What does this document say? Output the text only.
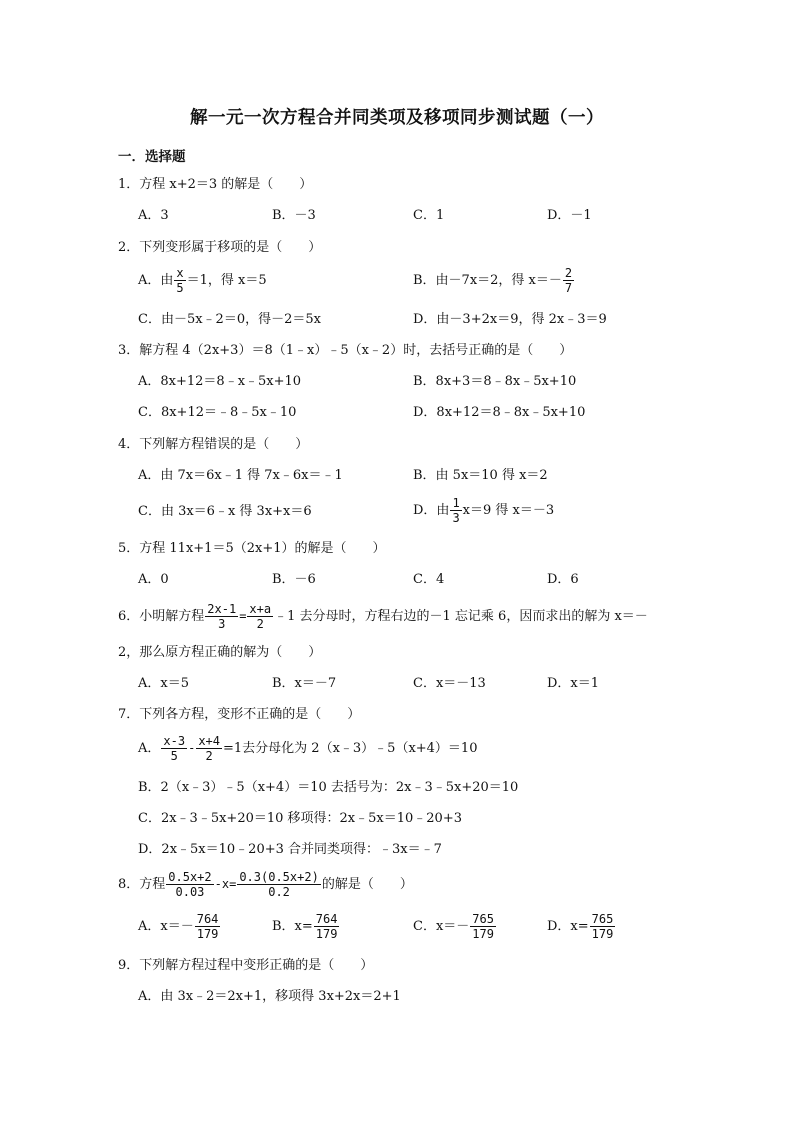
解一元一次方程合并同类项及移项同步测试题（一）
一．选择题
1．方程 x+2＝3 的解是（　　）
A．3	B．－3	C．1	D．－1
2．下列变形属于移项的是（　　）
A．由 $\frac{x}{5} =1$，得 x＝5	B．由－7x＝2，得 $x=- \frac{2}{7}$
C．由－5x﹣2＝0，得－2＝5x	D．由－3+2x＝9，得 2x﹣3＝9
3．解方程 4（2x+3）＝8（1﹣x）﹣5（x﹣2）时，去括号正确的是（　　）
A．8x+12＝8﹣x﹣5x+10	B．8x+3＝8﹣8x﹣5x+10
C．8x+12＝﹣8﹣5x﹣10	D．8x+12＝8﹣8x﹣5x+10
4．下列解方程错误的是（　　）
A．由 7x＝6x﹣1 得 7x﹣6x＝﹣1	B．由 5x＝10 得 x＝2
C．由 3x＝6﹣x 得 3x+x＝6	D．由 $\frac{1}{3} x=9$ 得 x＝－3
5．方程 11x+1＝5（2x+1）的解是（　　）
A．0	B．－6	C．4	D．6
6．小明解方程 $\frac{2x-1}{3} = \frac{x+a}{2}$ ﹣1 去分母时，方程右边的－1 忘记乘 6，因而求出的解为 x＝－
2，那么原方程正确的解为（　　）
A．x＝5	B．x＝－7	C．x＝－13	D．x＝1
7．下列各方程，变形不正确的是（　　）
A． $\frac{x-3}{5} - \frac{x+4}{2} =1$去分母化为 2（x﹣3）﹣5（x+4）＝10
B．2（x﹣3）﹣5（x+4）＝10 去括号为：2x﹣3﹣5x+20＝10
C．2x﹣3﹣5x+20＝10 移项得：2x﹣5x＝10﹣20+3
D．2x﹣5x＝10﹣20+3 合并同类项得：﹣3x＝﹣7
8．方程 $\frac{0.5x+2}{0.03} -x= \frac{0.3(0.5x+2)}{0.2}$ 的解是（　　）
A．$x=- \frac{764}{179}$	B．$x= \frac{764}{179}$	C．$x=- \frac{765}{179}$	D．$x= \frac{765}{179}$
9．下列解方程过程中变形正确的是（　　）
A．由 3x﹣2＝2x+1，移项得 3x+2x＝2+1
